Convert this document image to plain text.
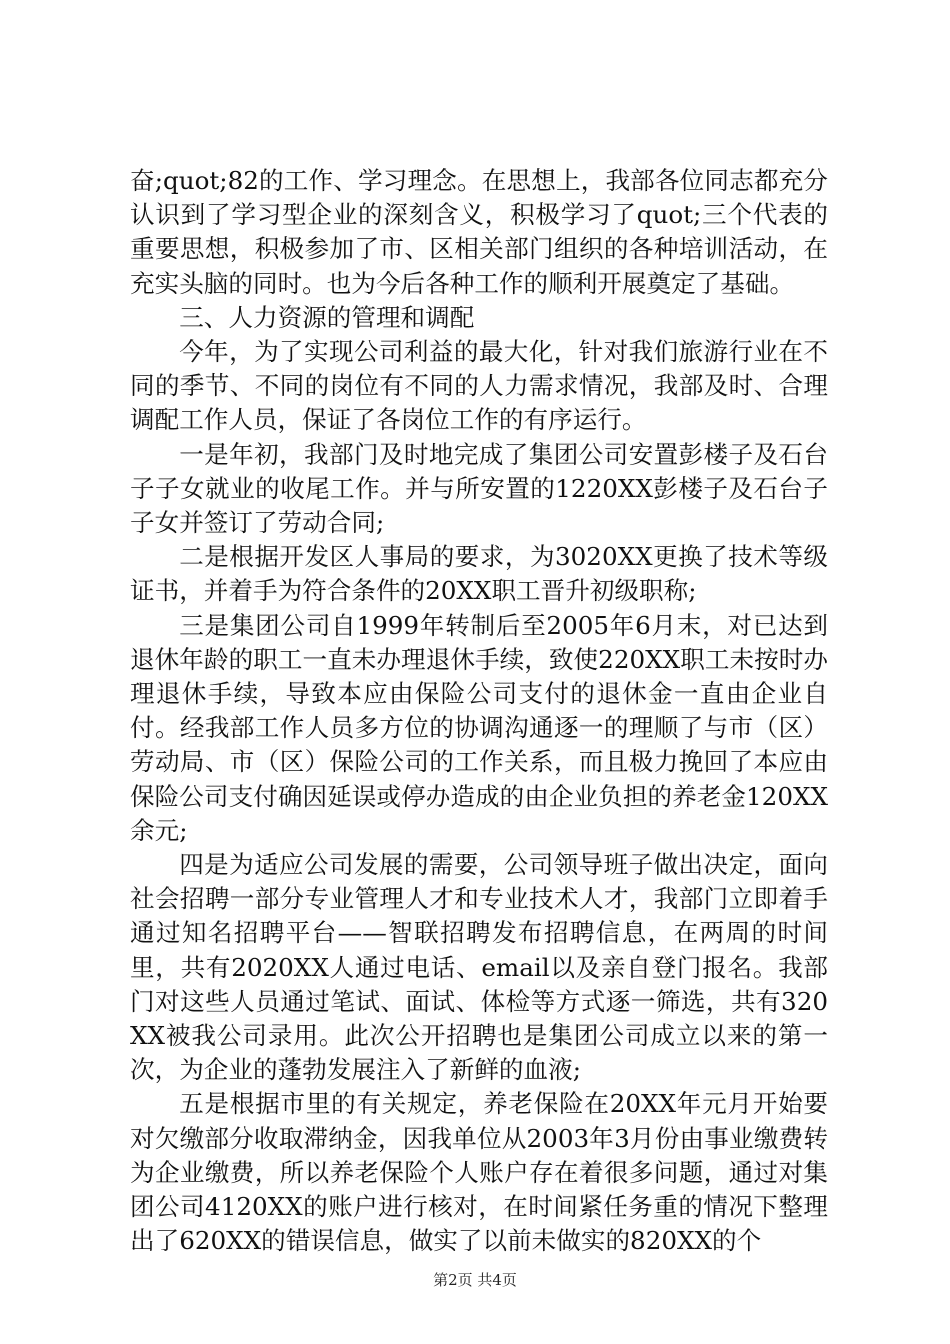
奋;quot;82的工作、学习理念。在思想上，我部各位同志都充分认识到了学习型企业的深刻含义，积极学习了quot;三个代表的重要思想，积极参加了市、区相关部门组织的各种培训活动，在充实头脑的同时。也为今后各种工作的顺利开展奠定了基础。

三、人力资源的管理和调配

今年，为了实现公司利益的最大化，针对我们旅游行业在不同的季节、不同的岗位有不同的人力需求情况，我部及时、合理调配工作人员，保证了各岗位工作的有序运行。

一是年初，我部门及时地完成了集团公司安置彭楼子及石台子子女就业的收尾工作。并与所安置的1220XX彭楼子及石台子子女并签订了劳动合同;

二是根据开发区人事局的要求，为3020XX更换了技术等级证书，并着手为符合条件的20XX职工晋升初级职称;

三是集团公司自1999年转制后至2005年6月末，对已达到退休年龄的职工一直未办理退休手续，致使220XX职工未按时办理退休手续，导致本应由保险公司支付的退休金一直由企业自付。经我部工作人员多方位的协调沟通逐一的理顺了与市（区）劳动局、市（区）保险公司的工作关系，而且极力挽回了本应由保险公司支付确因延误或停办造成的由企业负担的养老金120XX余元;

四是为适应公司发展的需要，公司领导班子做出决定，面向社会招聘一部分专业管理人才和专业技术人才，我部门立即着手通过知名招聘平台——智联招聘发布招聘信息，在两周的时间里，共有2020XX人通过电话、email以及亲自登门报名。我部门对这些人员通过笔试、面试、体检等方式逐一筛选，共有320XX被我公司录用。此次公开招聘也是集团公司成立以来的第一次，为企业的蓬勃发展注入了新鲜的血液;

五是根据市里的有关规定，养老保险在20XX年元月开始要对欠缴部分收取滞纳金，因我单位从2003年3月份由事业缴费转为企业缴费，所以养老保险个人账户存在着很多问题，通过对集团公司4120XX的账户进行核对，在时间紧任务重的情况下整理出了620XX的错误信息，做实了以前未做实的820XX的个

第2页 共4页
